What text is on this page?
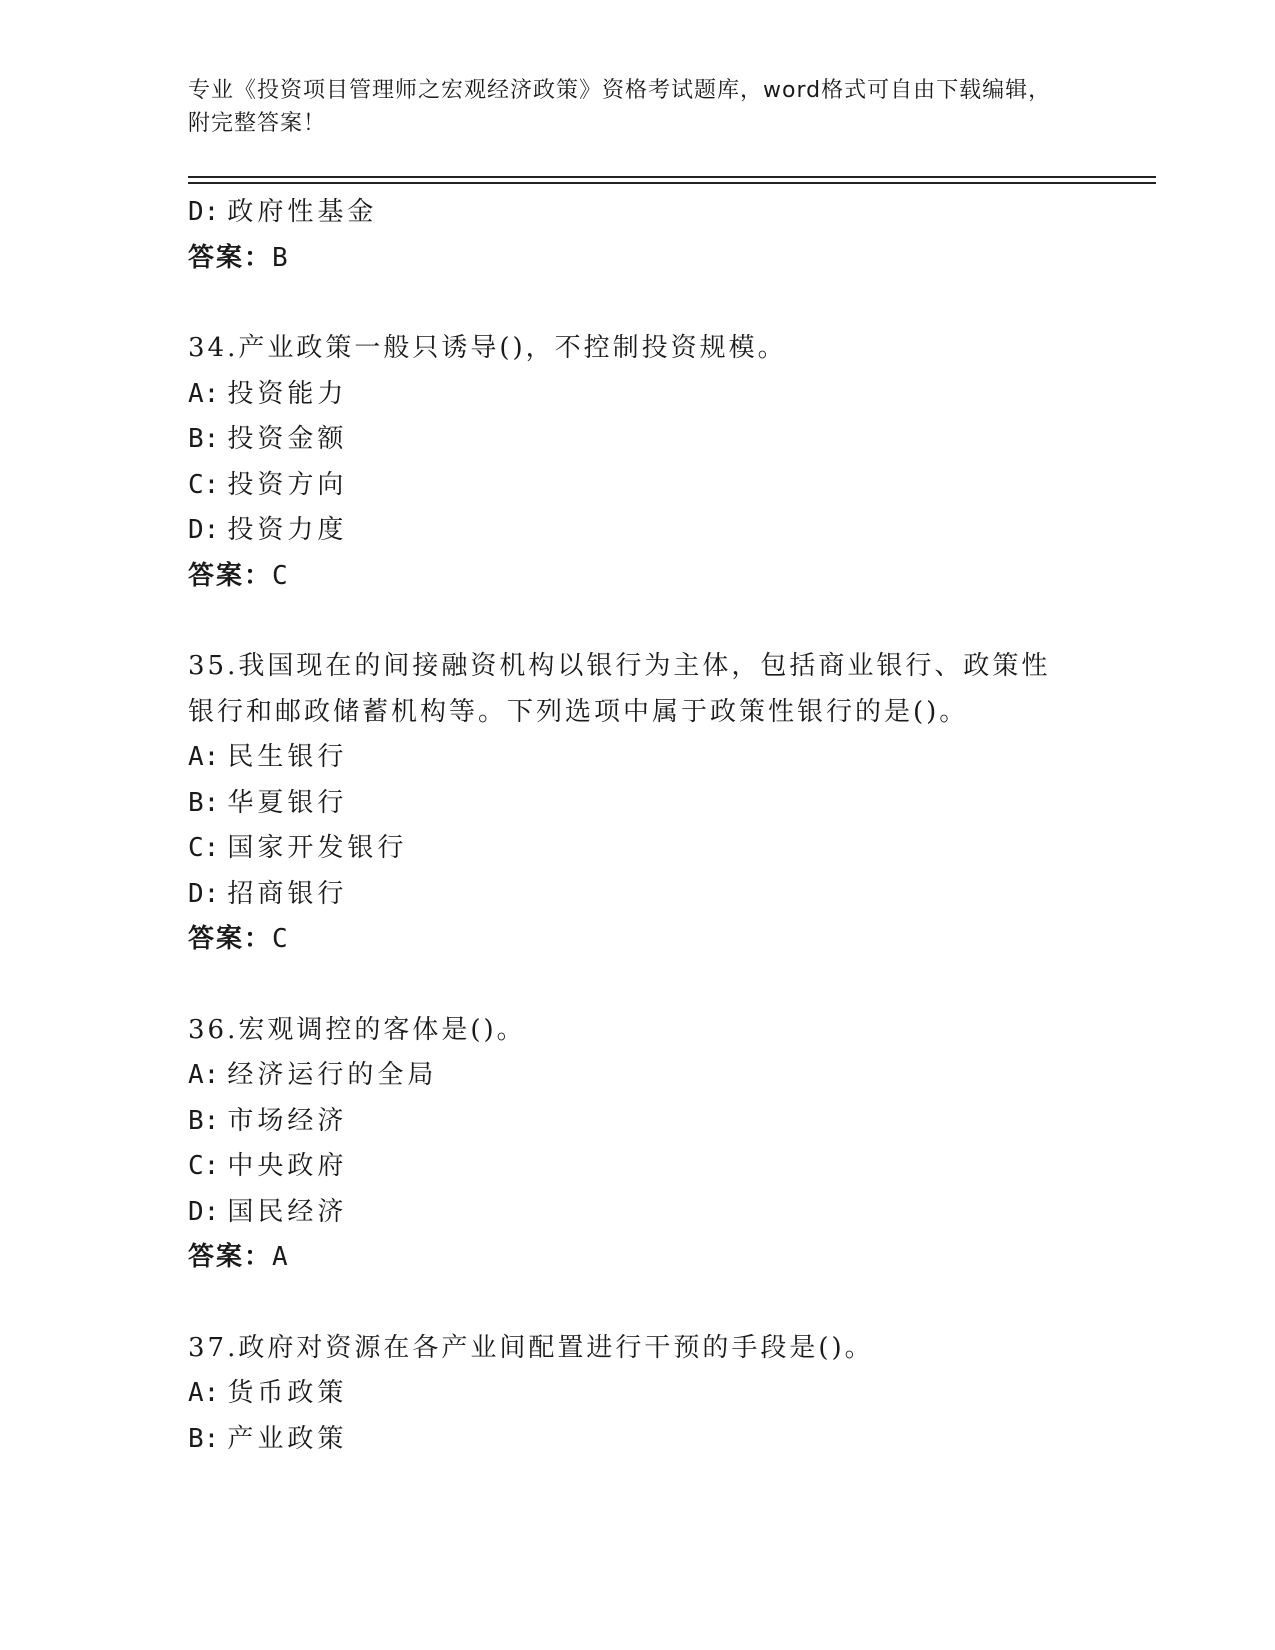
专业《投资项目管理师之宏观经济政策》资格考试题库，word格式可自由下载编辑，附完整答案！
D: 政府性基金
答案：B
34.产业政策一般只诱导()，不控制投资规模。
A: 投资能力
B: 投资金额
C: 投资方向
D: 投资力度
答案：C
35.我国现在的间接融资机构以银行为主体，包括商业银行、政策性银行和邮政储蓄机构等。下列选项中属于政策性银行的是()。
A: 民生银行
B: 华夏银行
C: 国家开发银行
D: 招商银行
答案：C
36.宏观调控的客体是()。
A: 经济运行的全局
B: 市场经济
C: 中央政府
D: 国民经济
答案：A
37.政府对资源在各产业间配置进行干预的手段是()。
A: 货币政策
B: 产业政策
